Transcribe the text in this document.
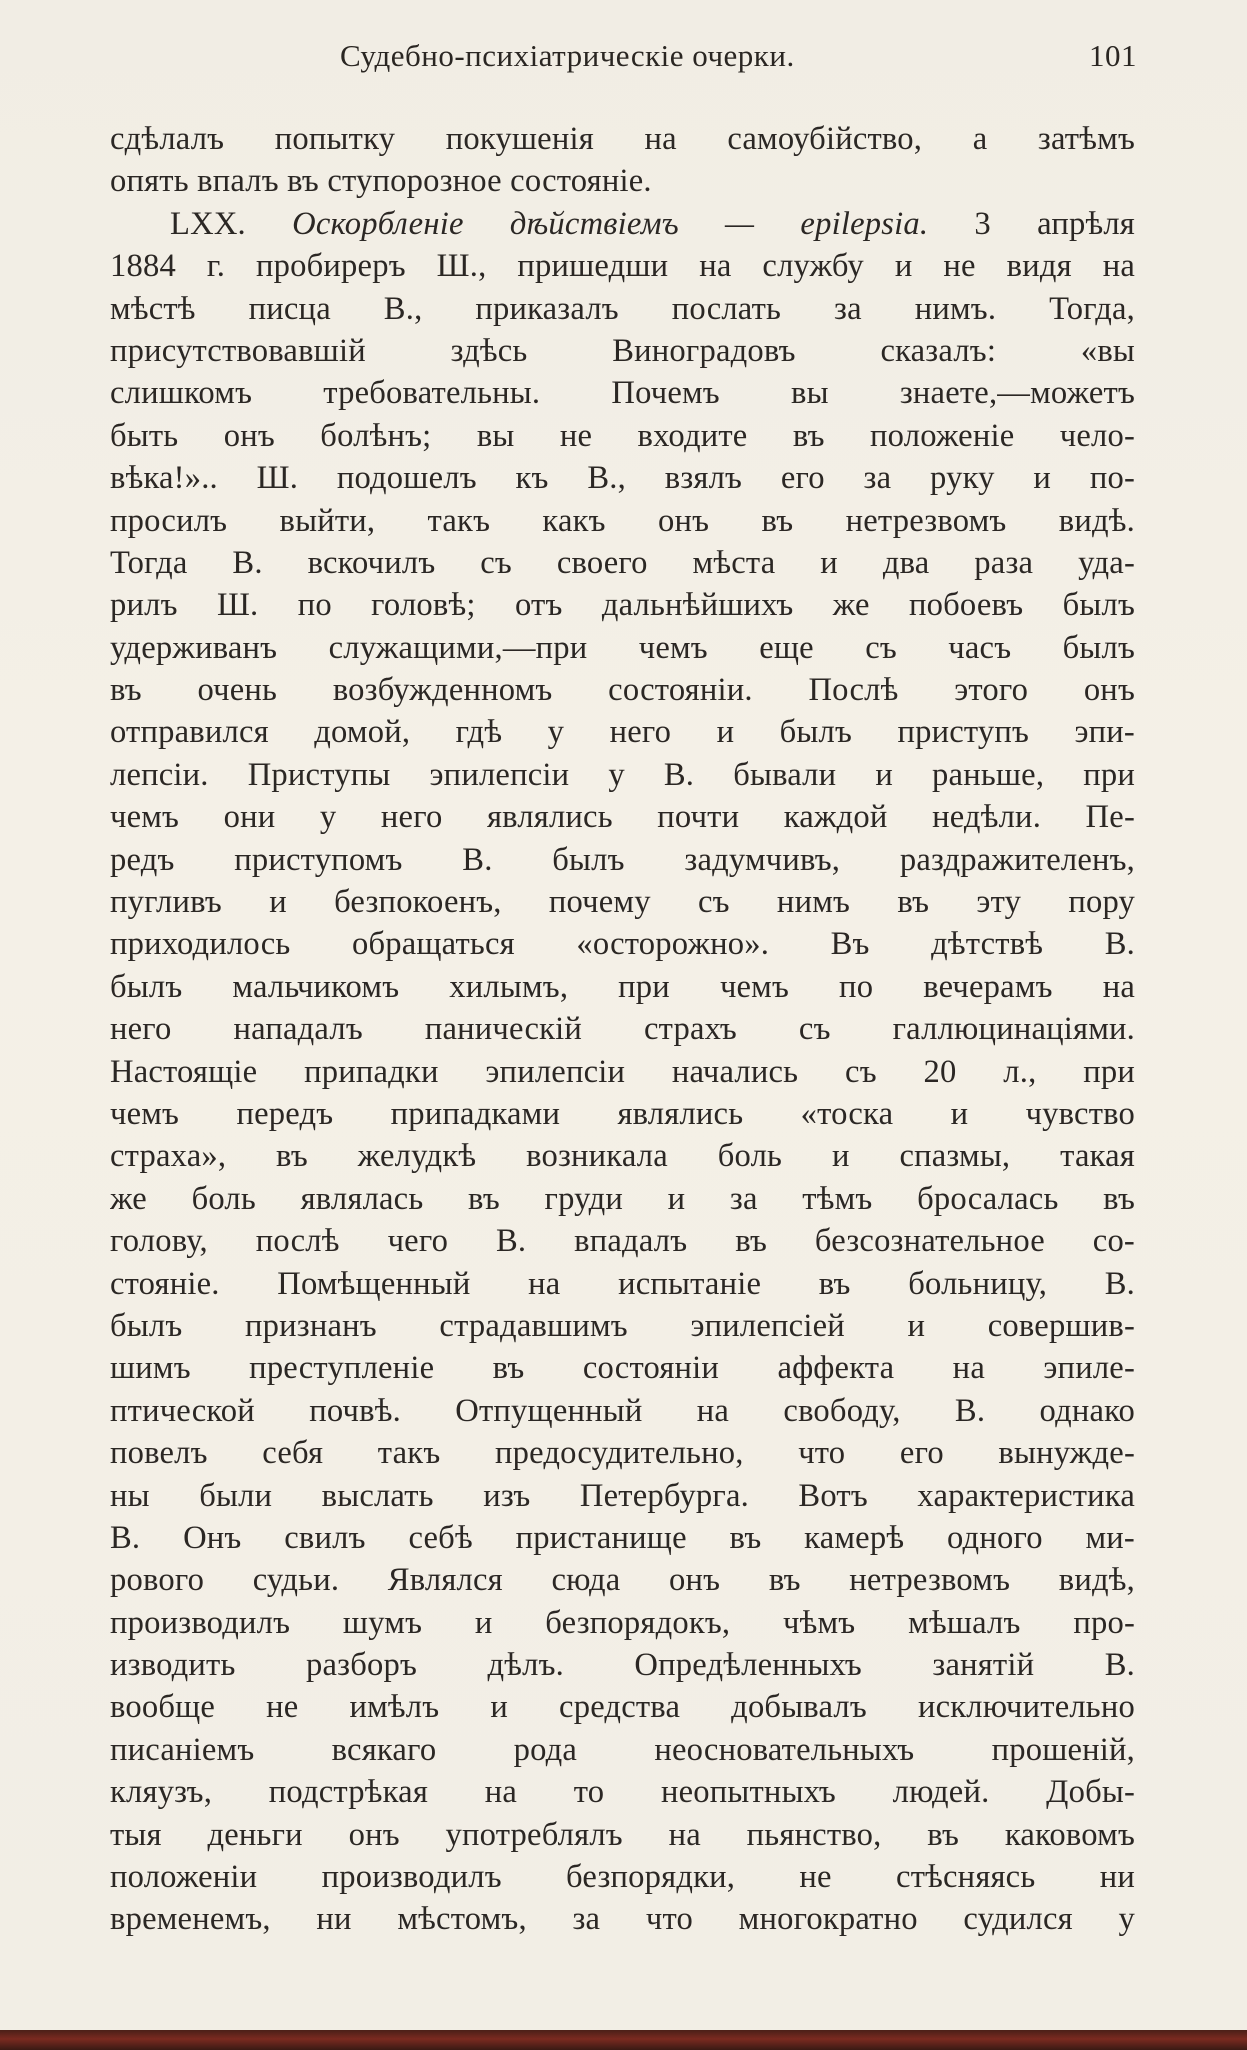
Судебно-психіатрическіе очерки.	101
сдѣлалъ попытку покушенія на самоубійство, а затѣмъ
опять впалъ въ ступорозное состояніе.
LXX. Оскорбленіе дѣйствіемъ — epilepsia. 3 апрѣля
1884 г. пробиреръ Ш., пришедши на службу и не видя на
мѣстѣ писца В., приказалъ послать за нимъ. Тогда,
присутствовавшій здѣсь Виноградовъ сказалъ: «вы
слишкомъ требовательны. Почемъ вы знаете,—можетъ
быть онъ болѣнъ; вы не входите въ положеніе чело-
вѣка!».. Ш. подошелъ къ В., взялъ его за руку и по-
просилъ выйти, такъ какъ онъ въ нетрезвомъ видѣ.
Тогда В. вскочилъ съ своего мѣста и два раза уда-
рилъ Ш. по головѣ; отъ дальнѣйшихъ же побоевъ былъ
удерживанъ служащими,—при чемъ еще съ часъ былъ
въ очень возбужденномъ состояніи. Послѣ этого онъ
отправился домой, гдѣ у него и былъ приступъ эпи-
лепсіи. Приступы эпилепсіи у В. бывали и раньше, при
чемъ они у него являлись почти каждой недѣли. Пе-
редъ приступомъ В. былъ задумчивъ, раздражителенъ,
пугливъ и безпокоенъ, почему съ нимъ въ эту пору
приходилось обращаться «осторожно». Въ дѣтствѣ В.
былъ мальчикомъ хилымъ, при чемъ по вечерамъ на
него нападалъ паническій страхъ съ галлюцинаціями.
Настоящіе припадки эпилепсіи начались съ 20 л., при
чемъ передъ припадками являлись «тоска и чувство
страха», въ желудкѣ возникала боль и спазмы, такая
же боль являлась въ груди и за тѣмъ бросалась въ
голову, послѣ чего В. впадалъ въ безсознательное со-
стояніе. Помѣщенный на испытаніе въ больницу, В.
былъ признанъ страдавшимъ эпилепсіей и совершив-
шимъ преступленіе въ состояніи аффекта на эпиле-
птической почвѣ. Отпущенный на свободу, В. однако
повелъ себя такъ предосудительно, что его вынужде-
ны были выслать изъ Петербурга. Вотъ характеристика
В. Онъ свилъ себѣ пристанище въ камерѣ одного ми-
рового судьи. Являлся сюда онъ въ нетрезвомъ видѣ,
производилъ шумъ и безпорядокъ, чѣмъ мѣшалъ про-
изводить разборъ дѣлъ. Опредѣленныхъ занятій В.
вообще не имѣлъ и средства добывалъ исключительно
писаніемъ всякаго рода неосновательныхъ прошеній,
кляузъ, подстрѣкая на то неопытныхъ людей. Добы-
тыя деньги онъ употреблялъ на пьянство, въ каковомъ
положеніи производилъ безпорядки, не стѣсняясь ни
временемъ, ни мѣстомъ, за что многократно судился у
